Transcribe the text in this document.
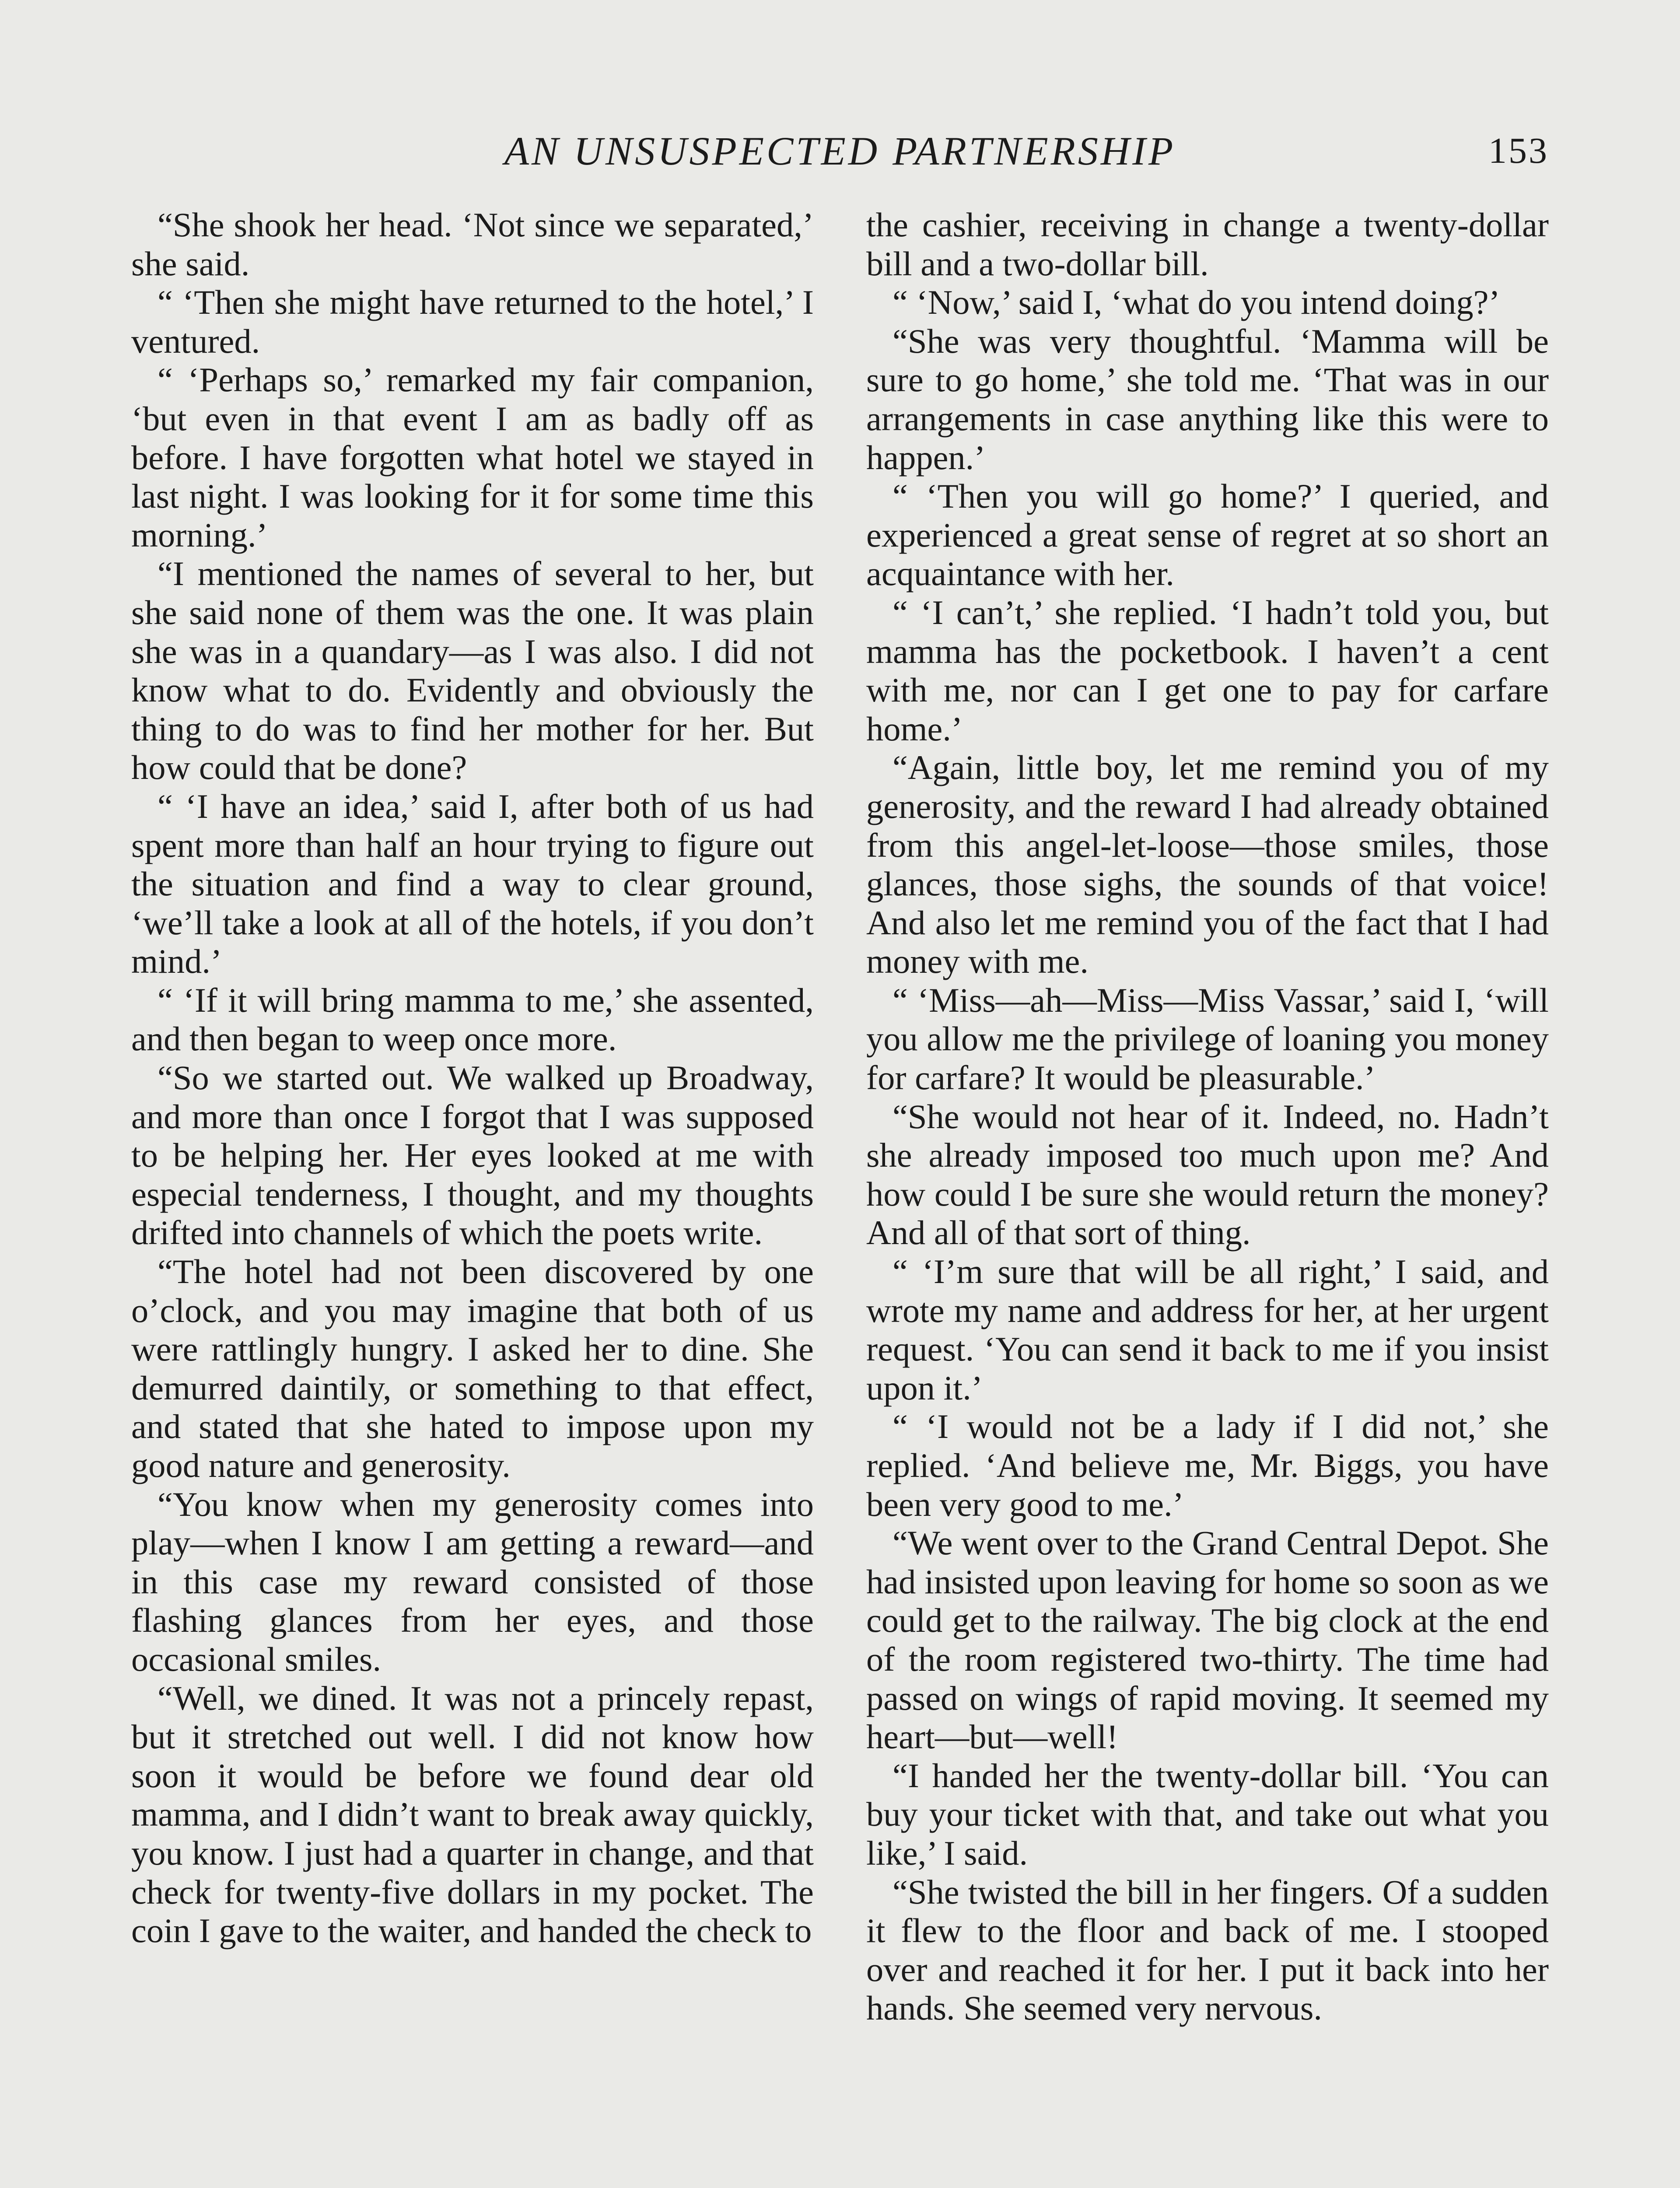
AN UNSUSPECTED PARTNERSHIP	153

“She shook her head. ‘Not since we separated,’ she said.

“ ‘Then she might have returned to the hotel,’ I ventured.

“ ‘Perhaps so,’ remarked my fair companion, ‘but even in that event I am as badly off as before. I have forgotten what hotel we stayed in last night. I was looking for it for some time this morning.’

“I mentioned the names of several to her, but she said none of them was the one. It was plain she was in a quandary—as I was also. I did not know what to do. Evidently and obviously the thing to do was to find her mother for her. But how could that be done?

“ ‘I have an idea,’ said I, after both of us had spent more than half an hour trying to figure out the situation and find a way to clear ground, ‘we’ll take a look at all of the hotels, if you don’t mind.’

“ ‘If it will bring mamma to me,’ she assented, and then began to weep once more.

“So we started out. We walked up Broadway, and more than once I forgot that I was supposed to be helping her. Her eyes looked at me with especial tenderness, I thought, and my thoughts drifted into channels of which the poets write.

“The hotel had not been discovered by one o’clock, and you may imagine that both of us were rattlingly hungry. I asked her to dine. She demurred daintily, or something to that effect, and stated that she hated to impose upon my good nature and generosity.

“You know when my generosity comes into play—when I know I am getting a reward—and in this case my reward consisted of those flashing glances from her eyes, and those occasional smiles.

“Well, we dined. It was not a princely repast, but it stretched out well. I did not know how soon it would be before we found dear old mamma, and I didn’t want to break away quickly, you know. I just had a quarter in change, and that check for twenty-five dollars in my pocket. The coin I gave to the waiter, and handed the check to

the cashier, receiving in change a twenty-dollar bill and a two-dollar bill.

“ ‘Now,’ said I, ‘what do you intend doing?’

“She was very thoughtful. ‘Mamma will be sure to go home,’ she told me. ‘That was in our arrangements in case anything like this were to happen.’

“ ‘Then you will go home?’ I queried, and experienced a great sense of regret at so short an acquaintance with her.

“ ‘I can’t,’ she replied. ‘I hadn’t told you, but mamma has the pocketbook. I haven’t a cent with me, nor can I get one to pay for carfare home.’

“Again, little boy, let me remind you of my generosity, and the reward I had already obtained from this angel-let-loose—those smiles, those glances, those sighs, the sounds of that voice! And also let me remind you of the fact that I had money with me.

“ ‘Miss—ah—Miss—Miss Vassar,’ said I, ‘will you allow me the privilege of loaning you money for carfare? It would be pleasurable.’

“She would not hear of it. Indeed, no. Hadn’t she already imposed too much upon me? And how could I be sure she would return the money? And all of that sort of thing.

“ ‘I’m sure that will be all right,’ I said, and wrote my name and address for her, at her urgent request. ‘You can send it back to me if you insist upon it.’

“ ‘I would not be a lady if I did not,’ she replied. ‘And believe me, Mr. Biggs, you have been very good to me.’

“We went over to the Grand Central Depot. She had insisted upon leaving for home so soon as we could get to the railway. The big clock at the end of the room registered two-thirty. The time had passed on wings of rapid moving. It seemed my heart—but—well!

“I handed her the twenty-dollar bill. ‘You can buy your ticket with that, and take out what you like,’ I said.

“She twisted the bill in her fingers. Of a sudden it flew to the floor and back of me. I stooped over and reached it for her. I put it back into her hands. She seemed very nervous.
